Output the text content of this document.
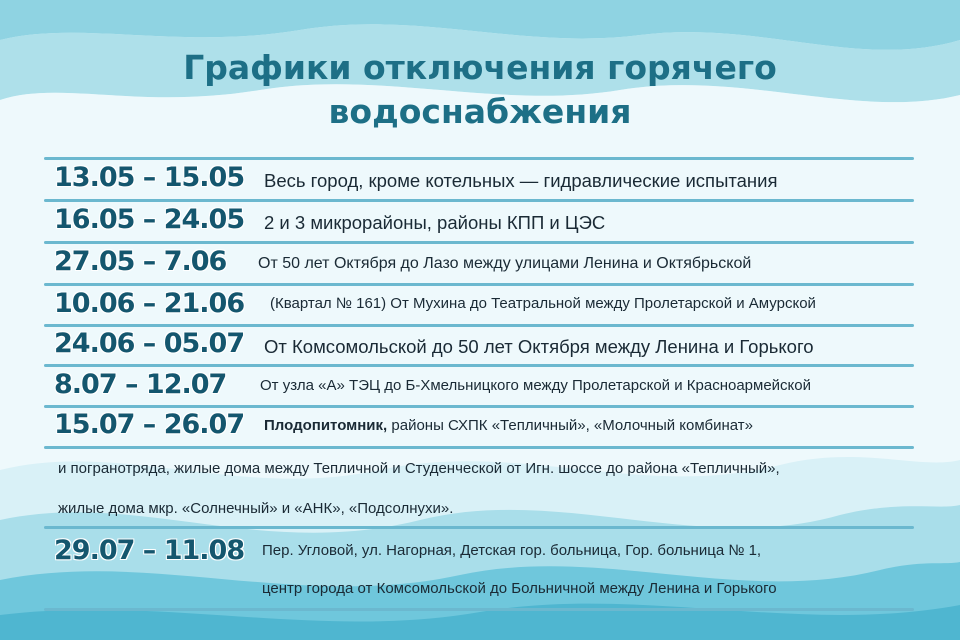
Графики отключения горячего
водоснабжения
13.05 – 15.05 Весь город, кроме котельных — гидравлические испытания
16.05 – 24.05 2 и 3 микрорайоны, районы КПП и ЦЭС
27.05 – 7.06 От 50 лет Октября до Лазо между улицами Ленина и Октябрьской
10.06 – 21.06 (Квартал № 161) От Мухина до Театральной между Пролетарской и Амурской
24.06 – 05.07 От Комсомольской до 50 лет Октября между Ленина и Горького
8.07 – 12.07 От узла «А» ТЭЦ до Б-Хмельницкого между Пролетарской и Красноармейской
15.07 – 26.07 Плодопитомник, районы СХПК «Тепличный», «Молочный комбинат»
и погранотряда, жилые дома между Тепличной и Студенческой от Игн. шоссе до района «Тепличный»,
жилые дома мкр. «Солнечный» и «АНК», «Подсолнухи».
29.07 – 11.08 Пер. Угловой, ул. Нагорная, Детская гор. больница, Гор. больница № 1,
центр города от Комсомольской до Больничной между Ленина и Горького
